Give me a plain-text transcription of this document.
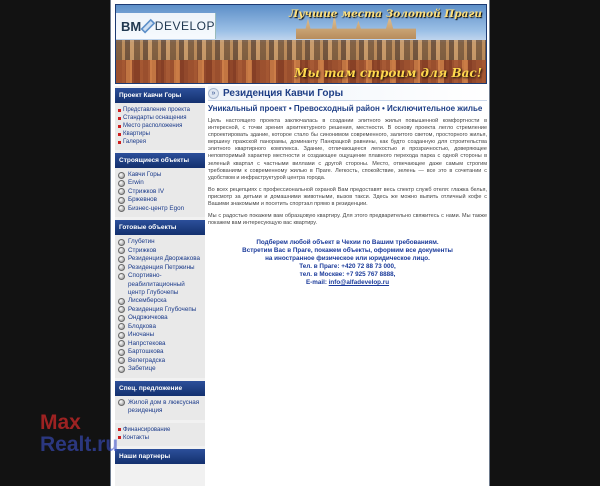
BM DEVELOP
Лучшие места Золотой Праги
Мы там строим для Вас!
Проект Кавчи Горы
Представление проекта
Стандарты оснащения
Место расположения
Квартиры
Галерея
Строящиеся объекты
Кавчи Горы
Erwin
Стрижков IV
Бржевнов
Бизнес-центр Egon
Готовые объекты
Глубетин
Стрижков
Резиденция Дворжакова
Резиденция Петржины
Спортивно-реабилитационный центр Глубочепы
Лисемберска
Резиденция Глубочепы
Ондржичкова
Блодкова
Иночаны
Напрстекова
Бартошкова
Велеградска
Забетице
Спец. предложение
Жилой дом в люксусная резиденция
Финансирование
Контакты
Наши партнеры
» Резиденция Кавчи Горы
Уникальный проект • Превосходный район • Исключительное жилье

Цель настоящего проекта заключалась в создании элитного жилья повышенной комфортности в интересной, с точки зрения архитектурного решения, местности. В основу проекта легло стремление спроектировать здание, которое стало бы синонимом современного, залитого светом, просторного жилья, вершину пражской панорамы, доминанту Панкрацкой равнины, как будто созданную для строительства элитного квартирного комплекса. Здание, отличающееся легкостью и прозрачностью, доверяющее неповторимый характер местности и создающее ощущение плавного перехода парка с одной стороны в зеленый квартал с частными виллами с другой стороны. Место, отвечающее даже самым строгим требованиям к современному жилью в Праге. Легкость, спокойствие, зелень — все это в сочетании с удобством и инфраструктурой центра города.

Во всех рецепциях с профессиональной охраной Вам предоставят весь спектр служб отеля: глажка белья, присмотр за детьми и домашними животными, вызов такси. Здесь же можно выпить отличный кофе с Вашими знакомыми и посетить спортзал прямо в резиденции.

Мы с радостью покажем вам образцовую квартиру. Для этого предварительно свяжитесь с нами. Мы также покажем вам интересующую вас квартиру.

Подберем любой объект в Чехии по Вашим требованиям.
Встретим Вас в Праге, покажем объекты, оформим все документы
на иностранное физическое или юридическое лицо.
Тел. в Праге: +420 72 88 73 000,
тел. в Москве: +7 925 767 8888,
E-mail: info@alfadevelop.ru
Max
Realt.ru
